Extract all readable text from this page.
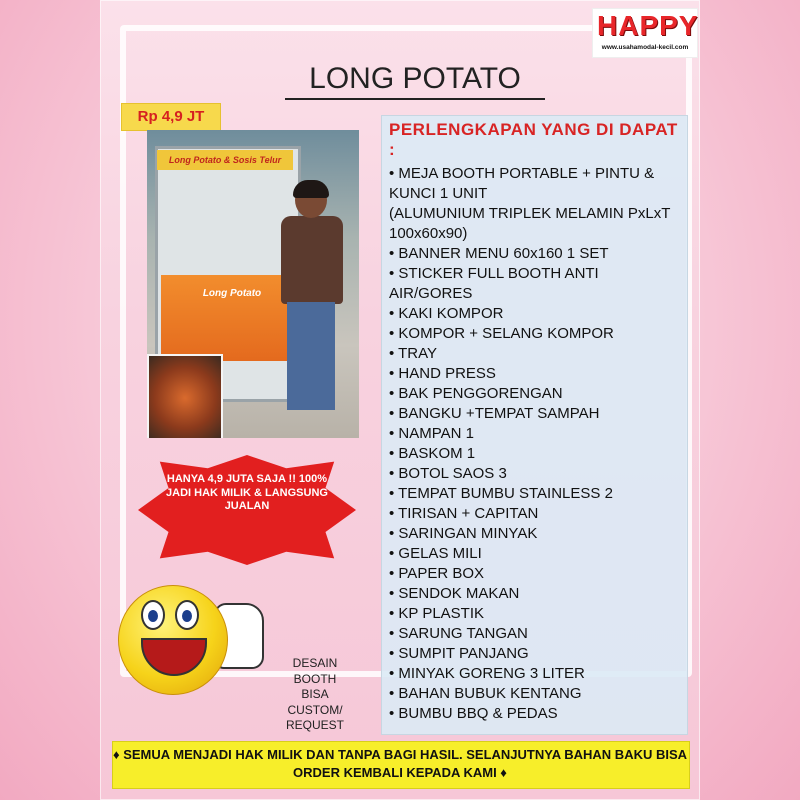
HAPPY
www.usahamodal-kecil.com
LONG POTATO
Rp 4,9 JT
Long Potato & Sosis Telur
Long Potato
HANYA 4,9 JUTA SAJA !! 100% JADI HAK MILIK & LANGSUNG JUALAN
DESAIN BOOTH BISA CUSTOM/ REQUEST
PERLENGKAPAN YANG DI DAPAT :
• MEJA BOOTH PORTABLE + PINTU & KUNCI 1 UNIT
(ALUMUNIUM TRIPLEK MELAMIN PxLxT 100x60x90)
• BANNER MENU 60x160 1 SET
• STICKER FULL BOOTH ANTI AIR/GORES
• KAKI KOMPOR
• KOMPOR + SELANG KOMPOR
• TRAY
• HAND PRESS
• BAK PENGGORENGAN
• BANGKU +TEMPAT SAMPAH
• NAMPAN 1
• BASKOM 1
• BOTOL SAOS 3
• TEMPAT BUMBU STAINLESS 2
• TIRISAN + CAPITAN
• SARINGAN MINYAK
• GELAS MILI
• PAPER BOX
• SENDOK MAKAN
• KP PLASTIK
• SARUNG TANGAN
• SUMPIT PANJANG
• MINYAK GORENG 3 LITER
• BAHAN BUBUK KENTANG
• BUMBU BBQ & PEDAS
♦ SEMUA MENJADI HAK MILIK DAN TANPA BAGI HASIL. SELANJUTNYA BAHAN BAKU BISA ORDER KEMBALI KEPADA KAMI ♦
